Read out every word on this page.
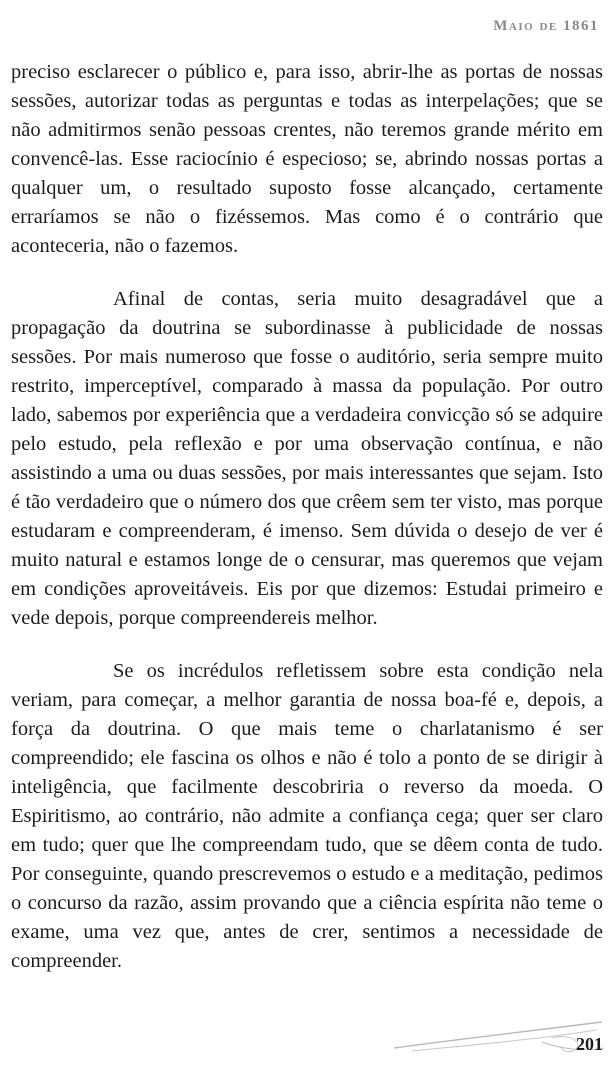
Maio de 1861

preciso esclarecer o público e, para isso, abrir-lhe as portas de nossas sessões, autorizar todas as perguntas e todas as interpelações; que se não admitirmos senão pessoas crentes, não teremos grande mérito em convencê-las. Esse raciocínio é especioso; se, abrindo nossas portas a qualquer um, o resultado suposto fosse alcançado, certamente erraríamos se não o fizéssemos. Mas como é o contrário que aconteceria, não o fazemos.

Afinal de contas, seria muito desagradável que a propagação da doutrina se subordinasse à publicidade de nossas sessões. Por mais numeroso que fosse o auditório, seria sempre muito restrito, imperceptível, comparado à massa da população. Por outro lado, sabemos por experiência que a verdadeira convicção só se adquire pelo estudo, pela reflexão e por uma observação contínua, e não assistindo a uma ou duas sessões, por mais interessantes que sejam. Isto é tão verdadeiro que o número dos que crêem sem ter visto, mas porque estudaram e compreenderam, é imenso. Sem dúvida o desejo de ver é muito natural e estamos longe de o censurar, mas queremos que vejam em condições aproveitáveis. Eis por que dizemos: Estudai primeiro e vede depois, porque compreendereis melhor.

Se os incrédulos refletissem sobre esta condição nela veriam, para começar, a melhor garantia de nossa boa-fé e, depois, a força da doutrina. O que mais teme o charlatanismo é ser compreendido; ele fascina os olhos e não é tolo a ponto de se dirigir à inteligência, que facilmente descobriria o reverso da moeda. O Espiritismo, ao contrário, não admite a confiança cega; quer ser claro em tudo; quer que lhe compreendam tudo, que se dêem conta de tudo. Por conseguinte, quando prescrevemos o estudo e a meditação, pedimos o concurso da razão, assim provando que a ciência espírita não teme o exame, uma vez que, antes de crer, sentimos a necessidade de compreender.

201
